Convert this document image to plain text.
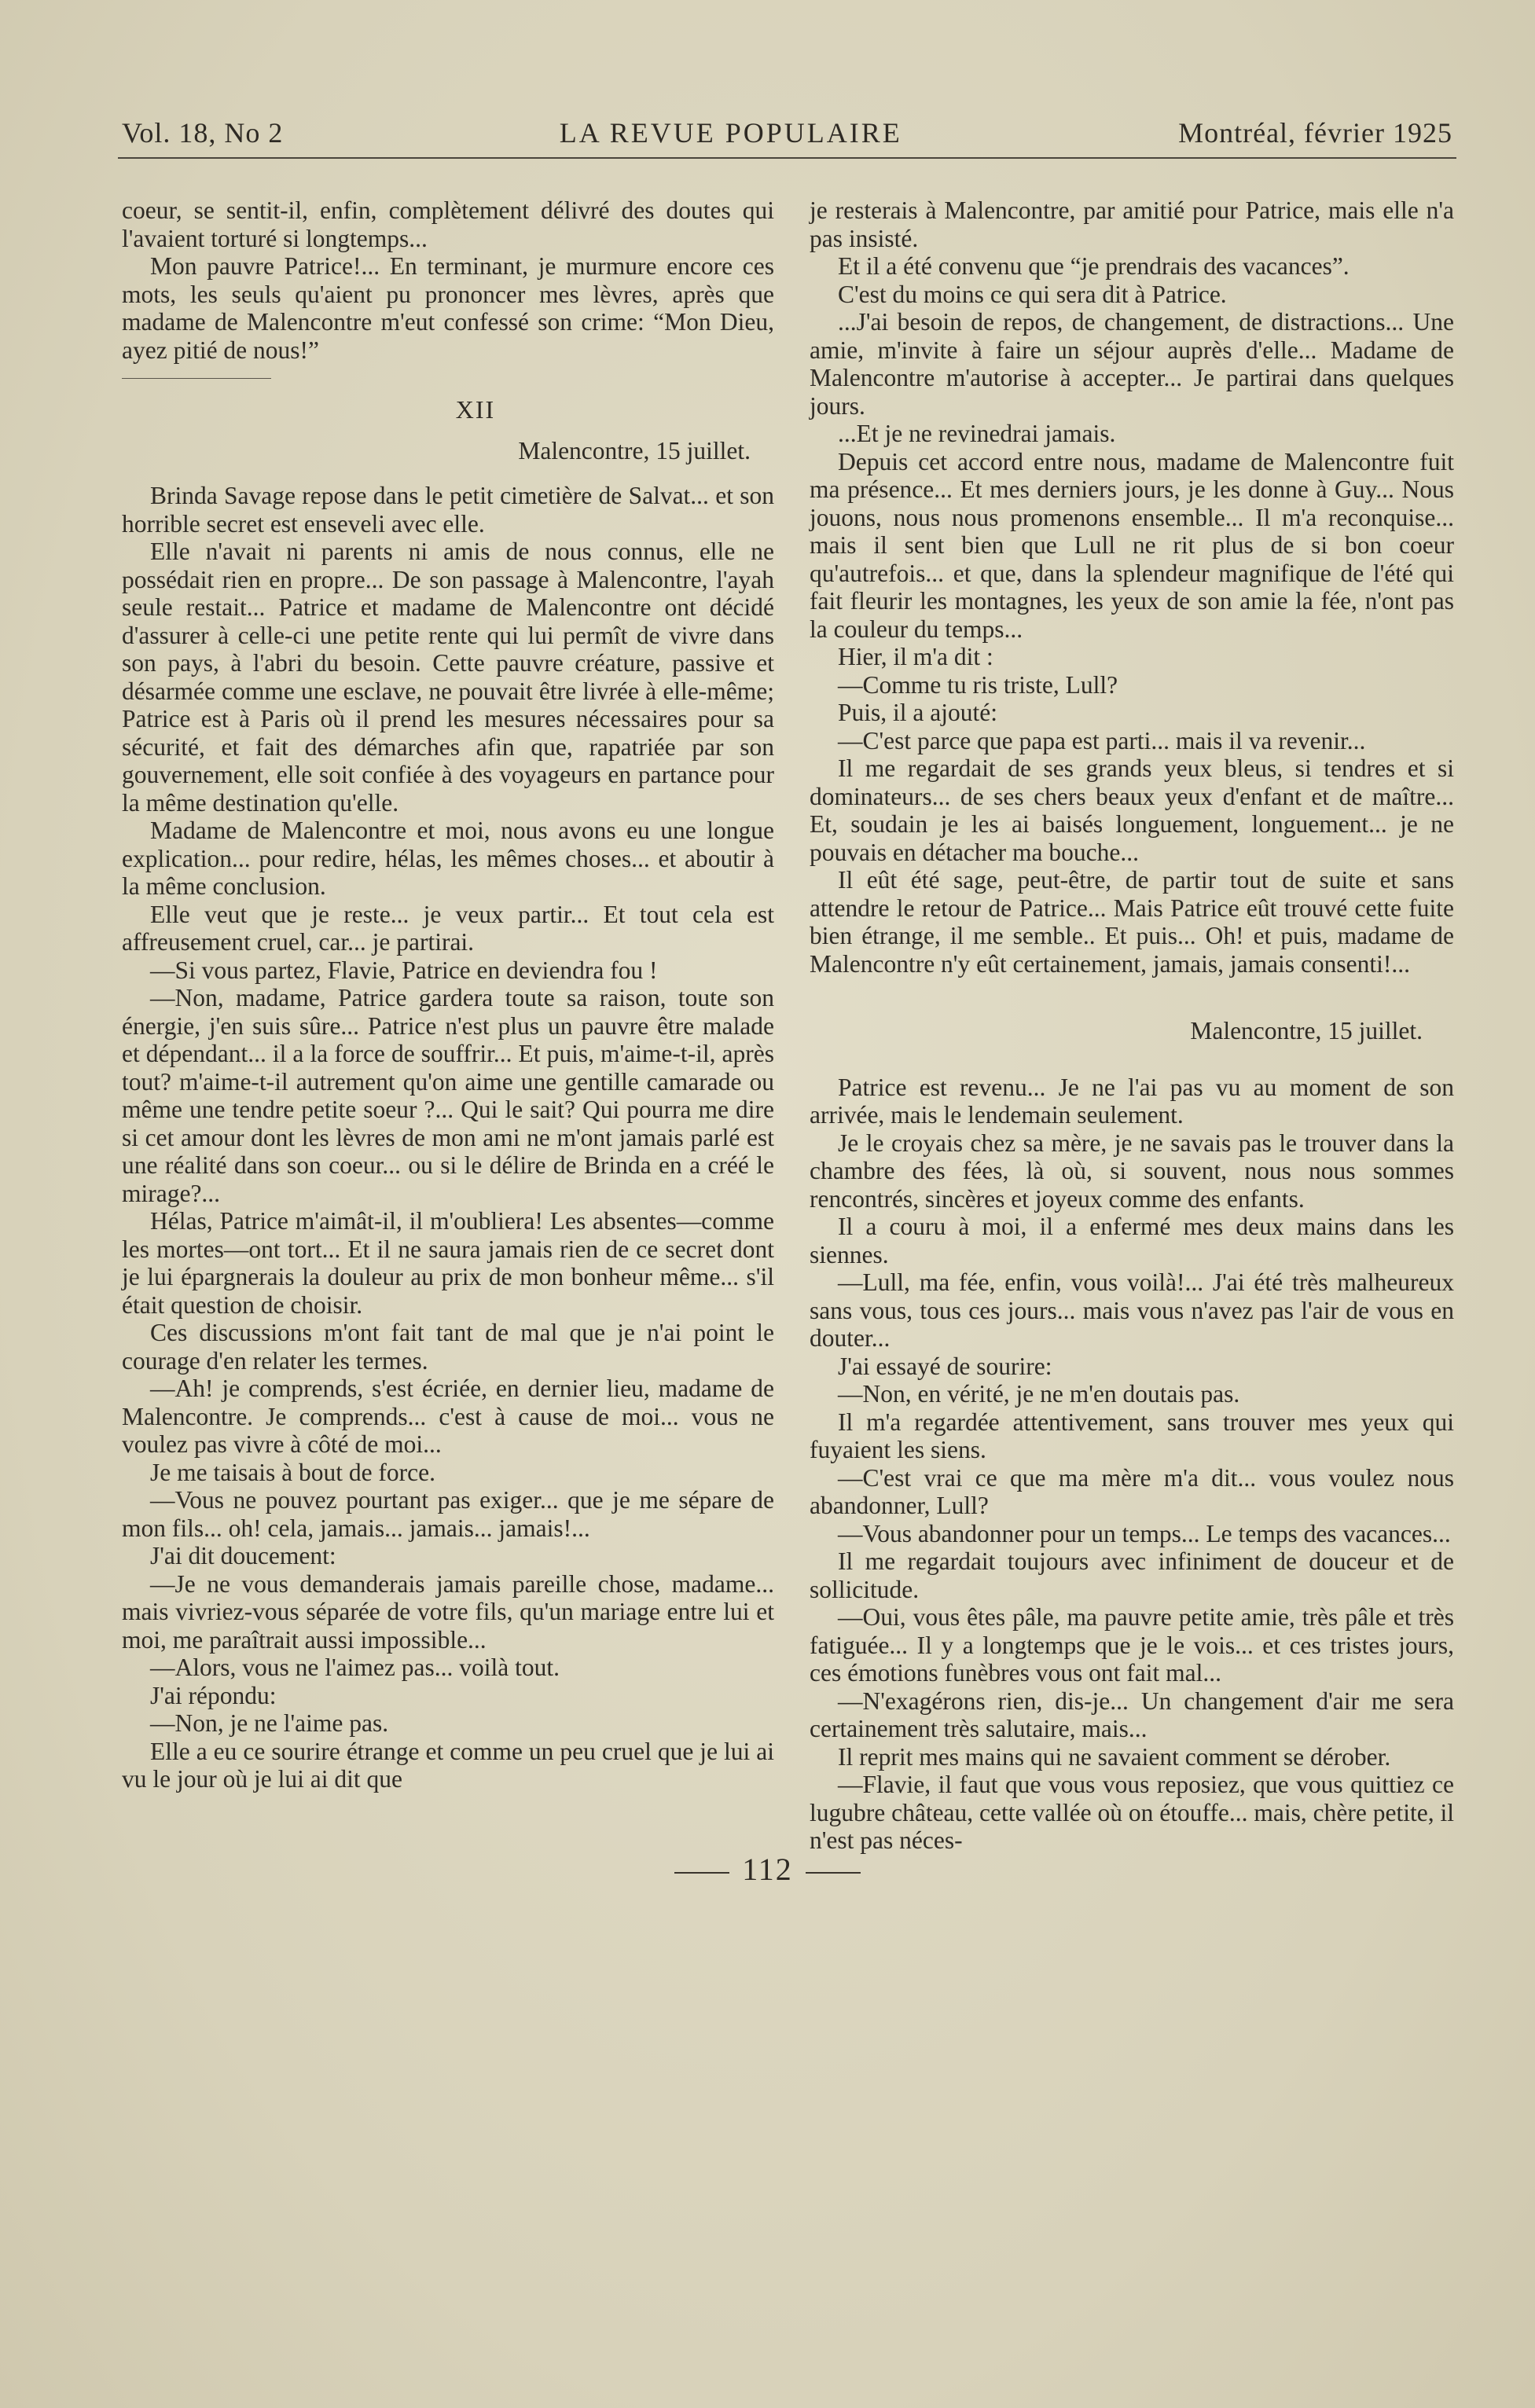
Vol. 18, No 2	LA REVUE POPULAIRE	Montréal, février 1925

coeur, se sentit-il, enfin, complètement délivré des doutes qui l'avaient torturé si longtemps...

Mon pauvre Patrice!... En terminant, je murmure encore ces mots, les seuls qu'aient pu prononcer mes lèvres, après que madame de Malencontre m'eut confessé son crime: “Mon Dieu, ayez pitié de nous!”

XII
Malencontre, 15 juillet.

Brinda Savage repose dans le petit cimetière de Salvat... et son horrible secret est enseveli avec elle.

Elle n'avait ni parents ni amis de nous connus, elle ne possédait rien en propre... De son passage à Malencontre, l'ayah seule restait... Patrice et madame de Malencontre ont décidé d'assurer à celle-ci une petite rente qui lui permît de vivre dans son pays, à l'abri du besoin. Cette pauvre créature, passive et désarmée comme une esclave, ne pouvait être livrée à elle-même; Patrice est à Paris où il prend les mesures nécessaires pour sa sécurité, et fait des démarches afin que, rapatriée par son gouvernement, elle soit confiée à des voyageurs en partance pour la même destination qu'elle.

Madame de Malencontre et moi, nous avons eu une longue explication... pour redire, hélas, les mêmes choses... et aboutir à la même conclusion.

Elle veut que je reste... je veux partir... Et tout cela est affreusement cruel, car... je partirai.

—Si vous partez, Flavie, Patrice en deviendra fou !

—Non, madame, Patrice gardera toute sa raison, toute son énergie, j'en suis sûre... Patrice n'est plus un pauvre être malade et dépendant... il a la force de souffrir... Et puis, m'aime-t-il, après tout? m'aime-t-il autrement qu'on aime une gentille camarade ou même une tendre petite soeur ?... Qui le sait? Qui pourra me dire si cet amour dont les lèvres de mon ami ne m'ont jamais parlé est une réalité dans son coeur... ou si le délire de Brinda en a créé le mirage?...

Hélas, Patrice m'aimât-il, il m'oubliera! Les absentes—comme les mortes—ont tort... Et il ne saura jamais rien de ce secret dont je lui épargnerais la douleur au prix de mon bonheur même... s'il était question de choisir.

Ces discussions m'ont fait tant de mal que je n'ai point le courage d'en relater les termes.

—Ah! je comprends, s'est écriée, en dernier lieu, madame de Malencontre. Je comprends... c'est à cause de moi... vous ne voulez pas vivre à côté de moi...

Je me taisais à bout de force.

—Vous ne pouvez pourtant pas exiger... que je me sépare de mon fils... oh! cela, jamais... jamais... jamais!...

J'ai dit doucement:

—Je ne vous demanderais jamais pareille chose, madame... mais vivriez-vous séparée de votre fils, qu'un mariage entre lui et moi, me paraîtrait aussi impossible...

—Alors, vous ne l'aimez pas... voilà tout.

J'ai répondu:

—Non, je ne l'aime pas.

Elle a eu ce sourire étrange et comme un peu cruel que je lui ai vu le jour où je lui ai dit que

je resterais à Malencontre, par amitié pour Patrice, mais elle n'a pas insisté.

Et il a été convenu que “je prendrais des vacances”.

C'est du moins ce qui sera dit à Patrice.

...J'ai besoin de repos, de changement, de distractions... Une amie, m'invite à faire un séjour auprès d'elle... Madame de Malencontre m'autorise à accepter... Je partirai dans quelques jours.

...Et je ne revinedrai jamais.

Depuis cet accord entre nous, madame de Malencontre fuit ma présence... Et mes derniers jours, je les donne à Guy... Nous jouons, nous nous promenons ensemble... Il m'a reconquise... mais il sent bien que Lull ne rit plus de si bon coeur qu'autrefois... et que, dans la splendeur magnifique de l'été qui fait fleurir les montagnes, les yeux de son amie la fée, n'ont pas la couleur du temps...

Hier, il m'a dit :

—Comme tu ris triste, Lull?

Puis, il a ajouté:

—C'est parce que papa est parti... mais il va revenir...

Il me regardait de ses grands yeux bleus, si tendres et si dominateurs... de ses chers beaux yeux d'enfant et de maître... Et, soudain je les ai baisés longuement, longuement... je ne pouvais en détacher ma bouche...

Il eût été sage, peut-être, de partir tout de suite et sans attendre le retour de Patrice... Mais Patrice eût trouvé cette fuite bien étrange, il me semble.. Et puis... Oh! et puis, madame de Malencontre n'y eût certainement, jamais, jamais consenti!...

Malencontre, 15 juillet.

Patrice est revenu... Je ne l'ai pas vu au moment de son arrivée, mais le lendemain seulement.

Je le croyais chez sa mère, je ne savais pas le trouver dans la chambre des fées, là où, si souvent, nous nous sommes rencontrés, sincères et joyeux comme des enfants.

Il a couru à moi, il a enfermé mes deux mains dans les siennes.

—Lull, ma fée, enfin, vous voilà!... J'ai été très malheureux sans vous, tous ces jours... mais vous n'avez pas l'air de vous en douter...

J'ai essayé de sourire:

—Non, en vérité, je ne m'en doutais pas.

Il m'a regardée attentivement, sans trouver mes yeux qui fuyaient les siens.

—C'est vrai ce que ma mère m'a dit... vous voulez nous abandonner, Lull?

—Vous abandonner pour un temps... Le temps des vacances...

Il me regardait toujours avec infiniment de douceur et de sollicitude.

—Oui, vous êtes pâle, ma pauvre petite amie, très pâle et très fatiguée... Il y a longtemps que je le vois... et ces tristes jours, ces émotions funèbres vous ont fait mal...

—N'exagérons rien, dis-je... Un changement d'air me sera certainement très salutaire, mais...

Il reprit mes mains qui ne savaient comment se dérober.

—Flavie, il faut que vous vous reposiez, que vous quittiez ce lugubre château, cette vallée où on étouffe... mais, chère petite, il n'est pas néces-

112
